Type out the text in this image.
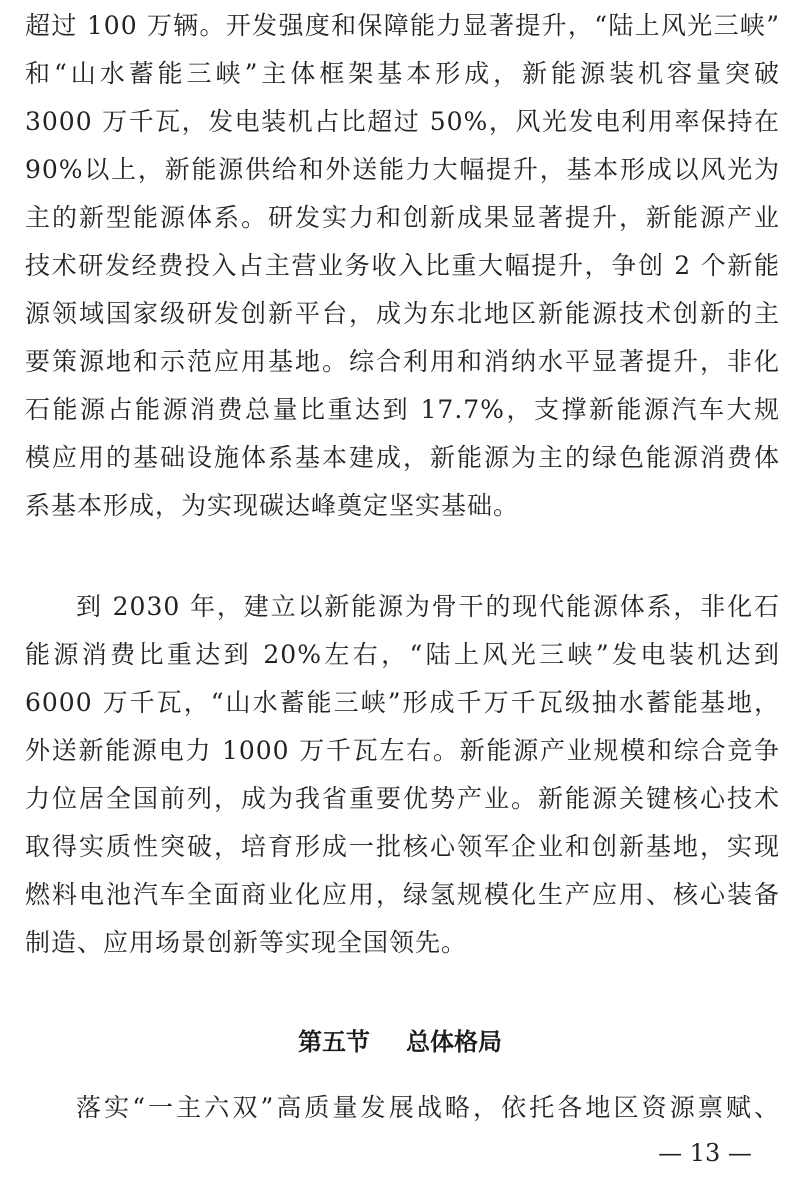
超过 100 万辆。开发强度和保障能力显著提升，“陆上风光三峡”
和“山水蓄能三峡”主体框架基本形成，新能源装机容量突破
3000 万千瓦，发电装机占比超过 50%，风光发电利用率保持在
90%以上，新能源供给和外送能力大幅提升，基本形成以风光为
主的新型能源体系。研发实力和创新成果显著提升，新能源产业
技术研发经费投入占主营业务收入比重大幅提升，争创 2 个新能
源领域国家级研发创新平台，成为东北地区新能源技术创新的主
要策源地和示范应用基地。综合利用和消纳水平显著提升，非化
石能源占能源消费总量比重达到 17.7%，支撑新能源汽车大规
模应用的基础设施体系基本建成，新能源为主的绿色能源消费体
系基本形成，为实现碳达峰奠定坚实基础。
到 2030 年，建立以新能源为骨干的现代能源体系，非化石
能源消费比重达到 20%左右，“陆上风光三峡”发电装机达到
6000 万千瓦，“山水蓄能三峡”形成千万千瓦级抽水蓄能基地，
外送新能源电力 1000 万千瓦左右。新能源产业规模和综合竞争
力位居全国前列，成为我省重要优势产业。新能源关键核心技术
取得实质性突破，培育形成一批核心领军企业和创新基地，实现
燃料电池汽车全面商业化应用，绿氢规模化生产应用、核心装备
制造、应用场景创新等实现全国领先。
第五节 总体格局
落实“一主六双”高质量发展战略，依托各地区资源禀赋、
— 13 —
